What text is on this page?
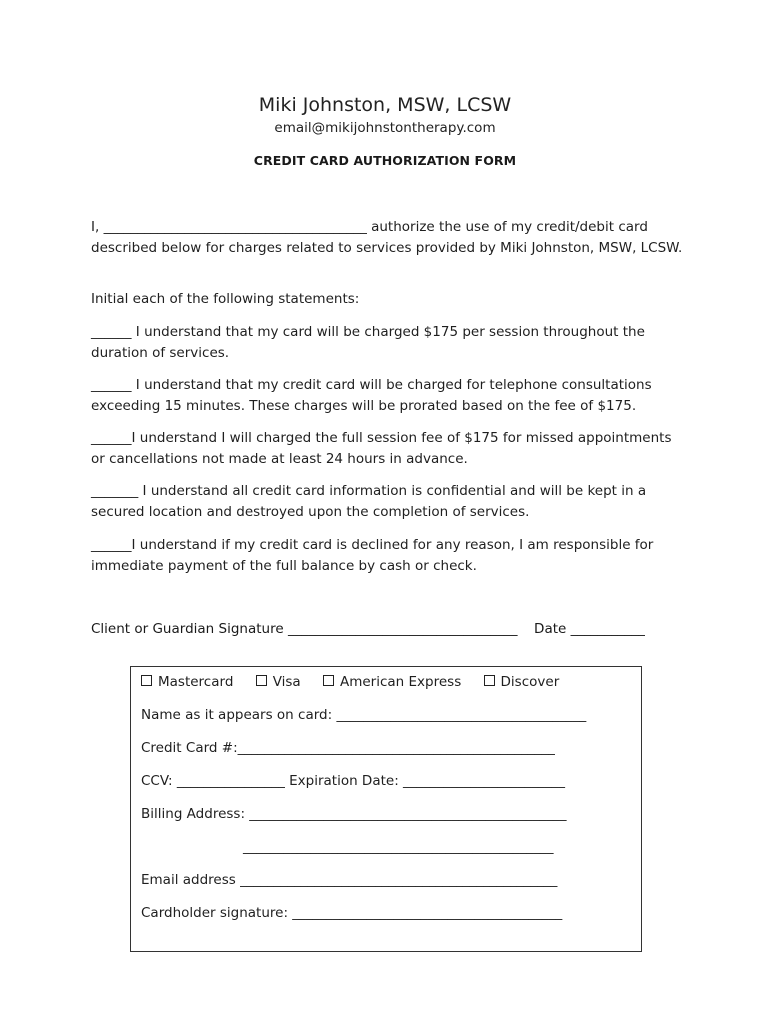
Miki Johnston, MSW, LCSW
email@mikijohnstontherapy.com
CREDIT CARD AUTHORIZATION FORM
I, _______________________________________ authorize the use of my credit/debit card described below for charges related to services provided by Miki Johnston, MSW, LCSW.
Initial each of the following statements:
______ I understand that my card will be charged $175 per session throughout the duration of services.
______ I understand that my credit card will be charged for telephone consultations exceeding 15 minutes. These charges will be prorated based on the fee of $175.
______I understand I will charged the full session fee of $175 for missed appointments or cancellations not made at least 24 hours in advance.
_______ I understand all credit card information is confidential and will be kept in a secured location and destroyed upon the completion of services.
______I understand if my credit card is declined for any reason, I am responsible for immediate payment of the full balance by cash or check.
Client or Guardian Signature __________________________________ Date ___________
Mastercard	Visa	American Express	Discover
Name as it appears on card: _____________________________________
Credit Card #:_______________________________________________
CCV: ________________ Expiration Date: ________________________
Billing Address: _______________________________________________
______________________________________________
Email address _______________________________________________
Cardholder signature: ________________________________________
